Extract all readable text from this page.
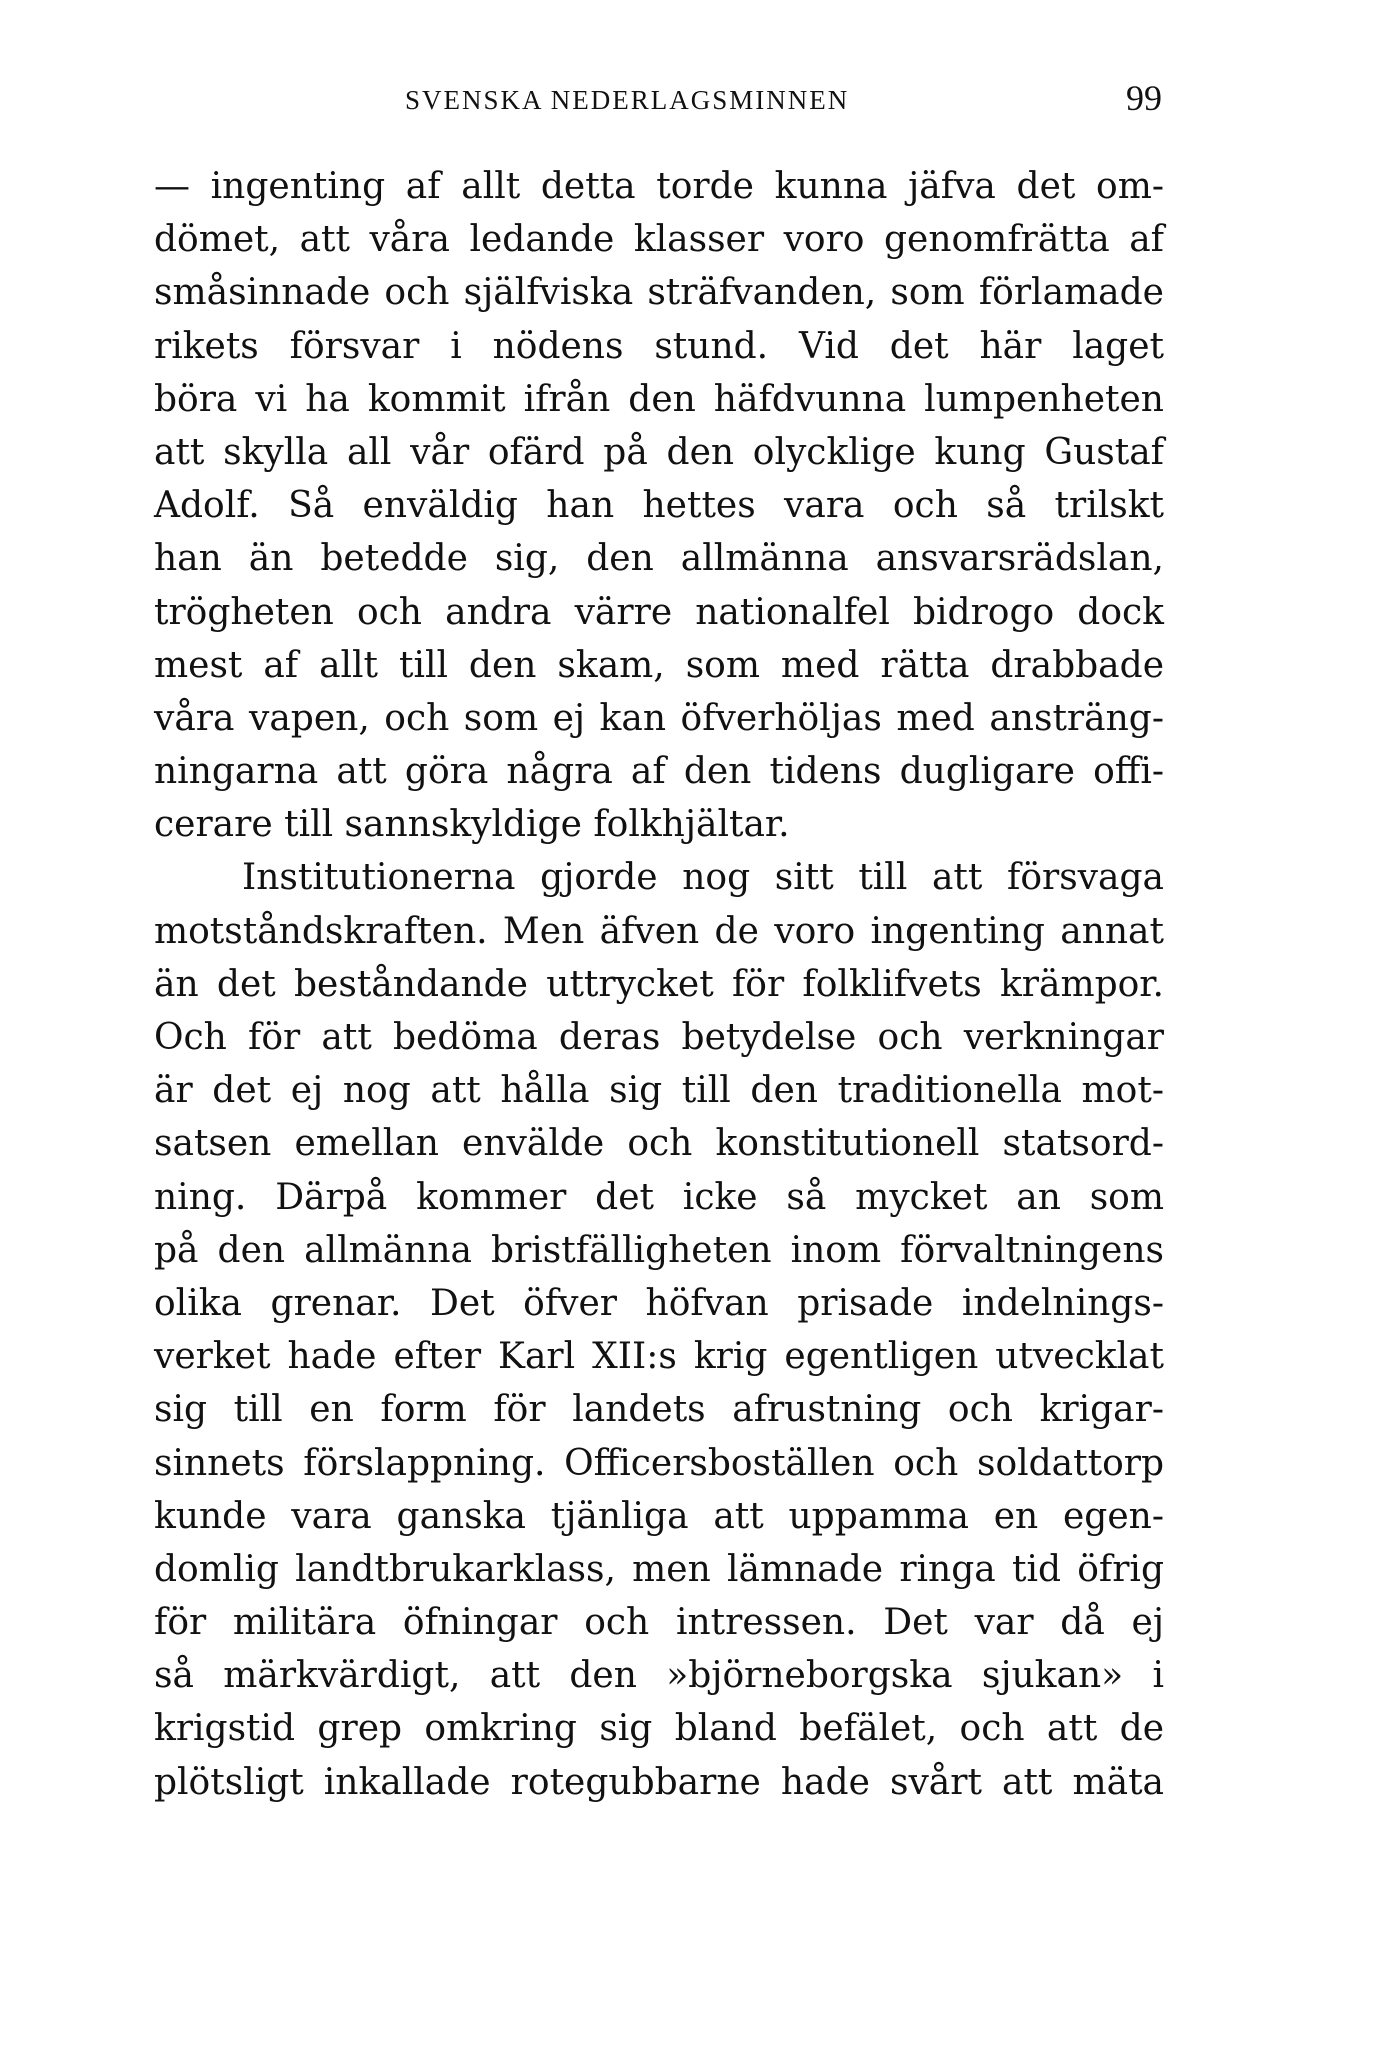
SVENSKA NEDERLAGSMINNEN	99
— ingenting af allt detta torde kunna jäfva det om-
dömet, att våra ledande klasser voro genomfrätta af
småsinnade och själfviska sträfvanden, som förlamade
rikets försvar i nödens stund. Vid det här laget
böra vi ha kommit ifrån den häfdvunna lumpenheten
att skylla all vår ofärd på den olycklige kung Gustaf
Adolf. Så enväldig han hettes vara och så trilskt
han än betedde sig, den allmänna ansvarsrädslan,
trögheten och andra värre nationalfel bidrogo dock
mest af allt till den skam, som med rätta drabbade
våra vapen, och som ej kan öfverhöljas med ansträng-
ningarna att göra några af den tidens dugligare offi-
cerare till sannskyldige folkhjältar.
Institutionerna gjorde nog sitt till att försvaga
motståndskraften. Men äfven de voro ingenting annat
än det beståndande uttrycket för folklifvets krämpor.
Och för att bedöma deras betydelse och verkningar
är det ej nog att hålla sig till den traditionella mot-
satsen emellan envälde och konstitutionell statsord-
ning. Därpå kommer det icke så mycket an som
på den allmänna bristfälligheten inom förvaltningens
olika grenar. Det öfver höfvan prisade indelnings-
verket hade efter Karl XII:s krig egentligen utvecklat
sig till en form för landets afrustning och krigar-
sinnets förslappning. Officersboställen och soldattorp
kunde vara ganska tjänliga att uppamma en egen-
domlig landtbrukarklass, men lämnade ringa tid öfrig
för militära öfningar och intressen. Det var då ej
så märkvärdigt, att den »björneborgska sjukan» i
krigstid grep omkring sig bland befälet, och att de
plötsligt inkallade rotegubbarne hade svårt att mäta
